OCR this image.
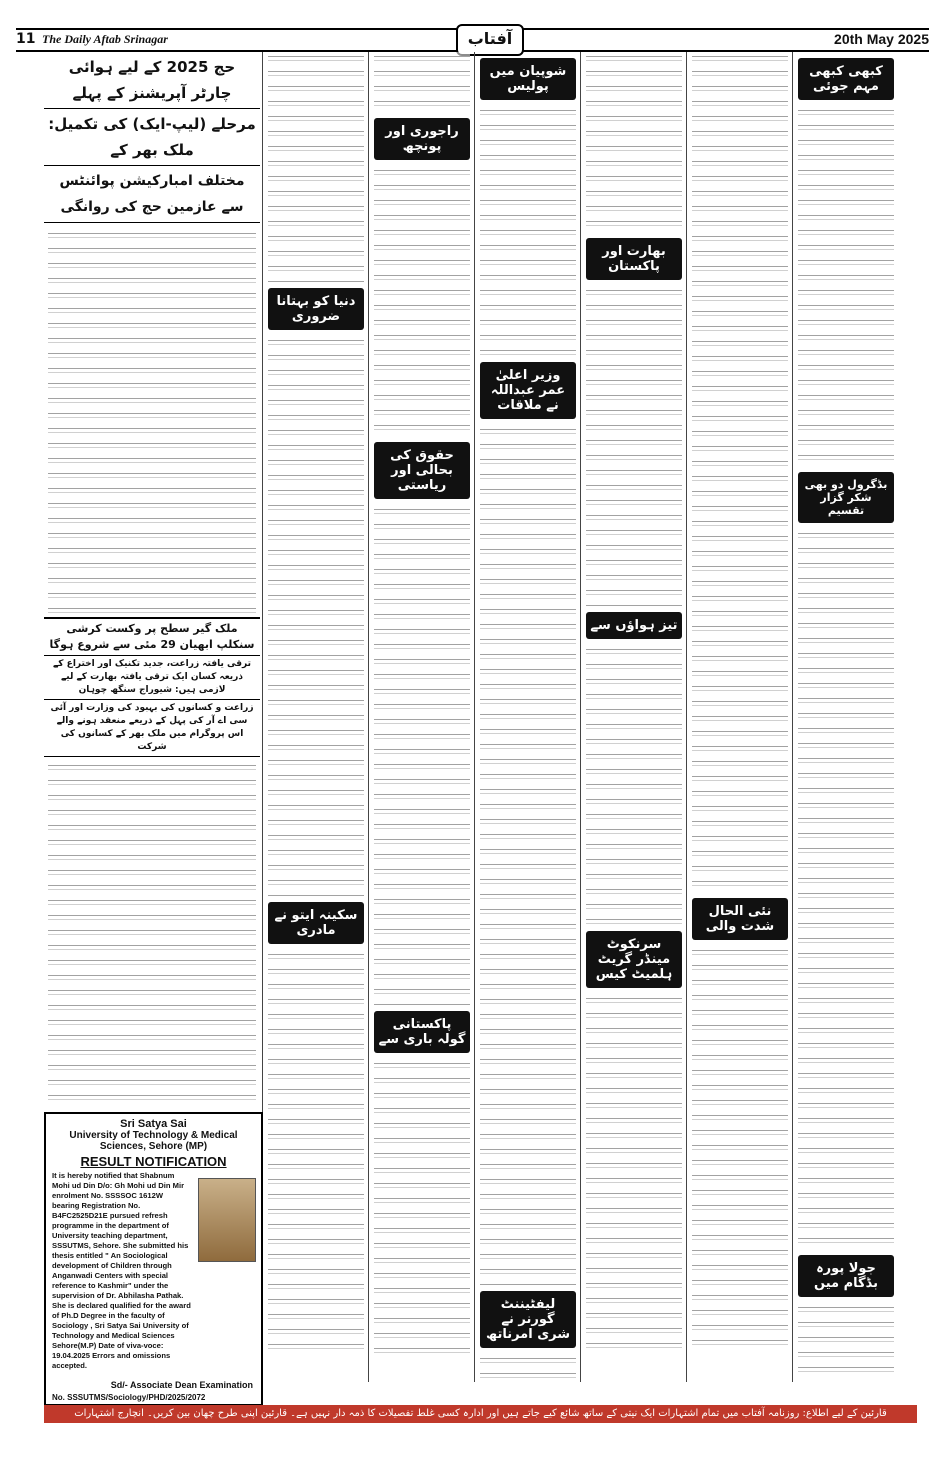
11 The Daily Aftab Srinagar	آفتاب	20th May 2025
حج 2025 کے لیے ہوائی چارٹر آپریشنز کے پہلے
مرحلے (لیپ-ایک) کی تکمیل: ملک بھر کے
مختلف امبارکیشن پوائنٹس سے عازمین حج کی روانگی
ملک گیر سطح پر وکست کرشی سنکلپ ابھیان 29 مئی سے شروع ہوگا
ترقی یافتہ زراعت، جدید تکنیک اور اختراع کے ذریعہ کسان ایک ترقی یافتہ بھارت کے لیے لازمی ہیں: شیوراج سنگھ چوہان
زراعت و کسانوں کی بہبود کی وزارت اور آئی سی اے آر کی پہل کے ذریعے منعقد ہونے والے اس پروگرام میں ملک بھر کے کسانوں کی شرکت
دنیا کو بہتانا ضروری
سکینہ ایتو نے مادری
راجوری اور پونچھ
حقوق کی بحالی اور ریاستی
پاکستانی گولہ باری سے
شوپیان میں پولیس
وزیر اعلیٰ عمر عبداللہ نے ملاقات
لیفٹیننٹ گورنر نے شری امرناتھ
بھارت اور پاکستان
تیز ہواؤں سے
سرنکوٹ مینڈر گریٹ ہلمیٹ کیس
نئی الحال شدت والی
کبھی کبھی مہم جوئی
بڈگرول دو بھی شکر گزار تقسیم
جولا پورہ بڈگام میں
Sri Satya Sai
University of Technology & Medical
Sciences, Sehore (MP)
RESULT NOTIFICATION
It is hereby notified that Shabnum Mohi ud Din D/o: Gh Mohi ud Din Mir enrolment No. SSSSOC 1612W bearing Registration No. B4FC2525D21E pursued refresh programme in the department of University teaching department, SSSUTMS, Sehore. She submitted his thesis entitled " An Sociological development of Children through Anganwadi Centers with special reference to Kashmir" under the supervision of Dr. Abhilasha Pathak. She is declared qualified for the award of Ph.D Degree in the faculty of Sociology , Sri Satya Sai University of Technology and Medical Sciences Sehore(M.P) Date of viva-voce: 19.04.2025 Errors and omissions accepted.
Sd/- Associate Dean Examination
No. SSSUTMS/Sociology/PHD/2025/2072
قارئین کے لیے اطلاع: روزنامہ آفتاب میں تمام اشتہارات ایک نیتی کے ساتھ شائع کیے جاتے ہیں اور ادارہ کسی غلط تفصیلات کا ذمہ دار نہیں ہے۔ قارئین اپنی طرح چھان بین کریں۔ انچارج اشتہارات
